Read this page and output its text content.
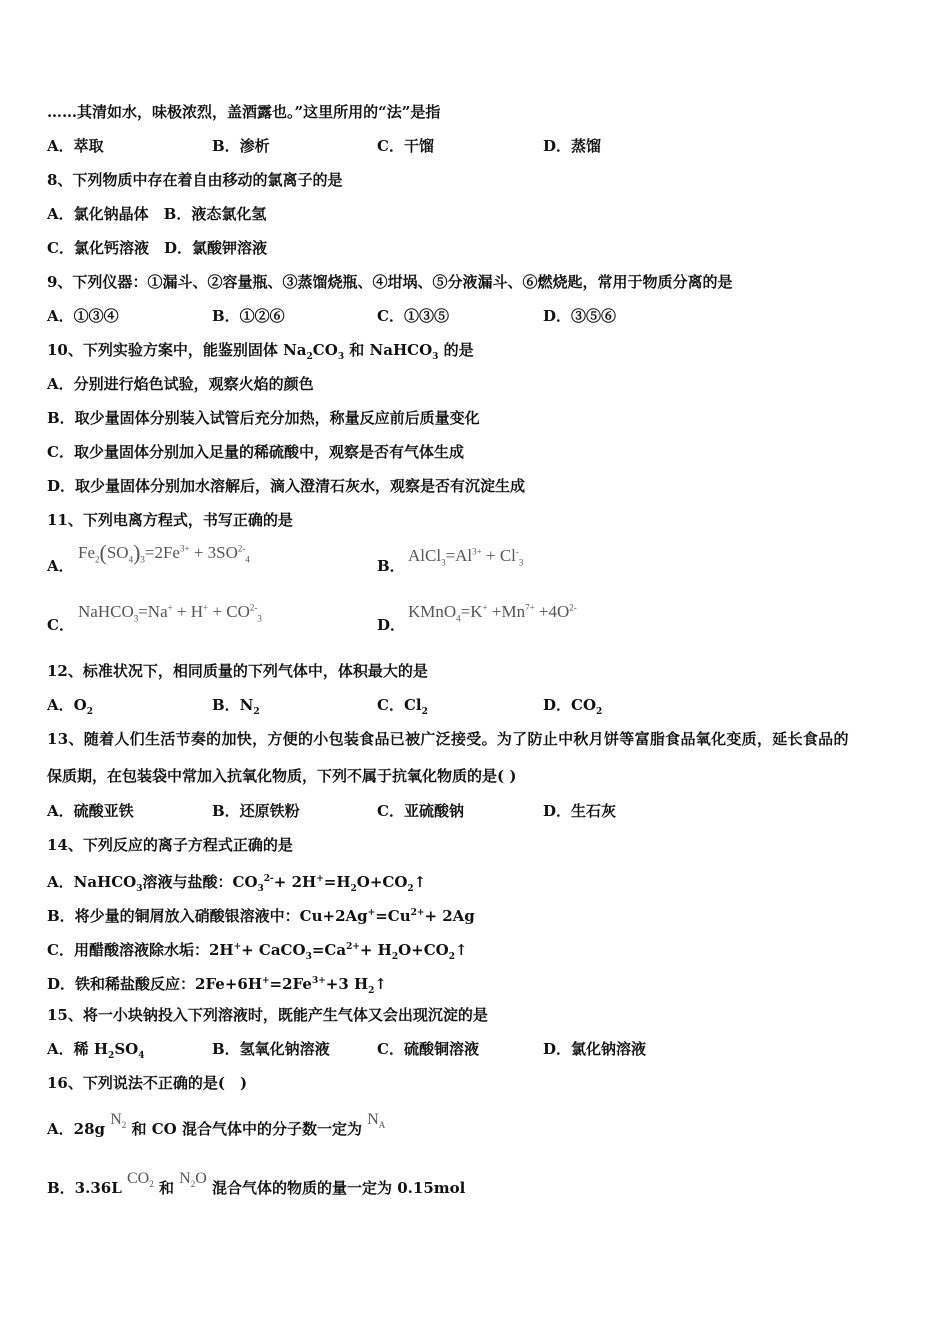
……其清如水，味极浓烈，盖酒露也。”这里所用的“法”是指
A．萃取	B．渗析	C．干馏	D．蒸馏
8、下列物质中存在着自由移动的氯离子的是
A．氯化钠晶体　B．液态氯化氢
C．氯化钙溶液　D．氯酸钾溶液
9、下列仪器：①漏斗、②容量瓶、③蒸馏烧瓶、④坩埚、⑤分液漏斗、⑥燃烧匙，常用于物质分离的是
A．①③④	B．①②⑥	C．①③⑤	D．③⑤⑥
10、下列实验方案中，能鉴别固体 $Na_2CO_3$ 和 NaHCO$_3$ 的是
A．分别进行焰色试验，观察火焰的颜色
B．取少量固体分别装入试管后充分加热，称量反应前后质量变化
C．取少量固体分别加入足量的稀硫酸中，观察是否有气体生成
D．取少量固体分别加水溶解后，滴入澄清石灰水，观察是否有沉淀生成
11、下列电离方程式，书写正确的是
A．
$Fe_2(SO_4)_3=2Fe^{3+} + 3SO^{2-}_4$	B．
$AlCl_3=Al^{3+} + Cl^-_3$
C．
NaHCO$_3$=Na+ + $H^+ + CO^{2-}_3$	D．
KMnO$_4$=K+ $+Mn^{7+} +4O^{2-}$
12、标准状况下，相同质量的下列气体中，体积最大的是
A．$O_2$	B．$N_2$	C．$Cl_2$	D．$CO_2$
13、随着人们生活节奏的加快，方便的小包装食品已被广泛接受。为了防止中秋月饼等富脂食品氧化变质，延长食品的
保质期，在包装袋中常加入抗氧化物质，下列不属于抗氧化物质的是( )
A．硫酸亚铁	B．还原铁粉	C．亚硫酸钠	D．生石灰
14、下列反应的离子方程式正确的是
A．NaHCO$_3$溶液与盐酸：$CO_3^{2-}+$ $2H^+=H_2O+CO_2↑$
B．将少量的铜屑放入硝酸银溶液中：$Cu+2Ag^+=Cu^{2+}+ 2Ag$
C．用醋酸溶液除水垢：$2H^++ CaCO_3=Ca^{2+}+$ $H_2O+CO_2↑$
D．铁和稀盐酸反应：$2Fe+6H^+=2Fe^{3+}+3$ $H_2↑$
15、将一小块钠投入下列溶液时，既能产生气体又会出现沉淀的是
A．稀 $H_2SO_4$	B．氢氧化钠溶液	C．硫酸铜溶液	D．氯化钠溶液
16、下列说法不正确的是(　)
A．28g $N_2$ 和 CO 混合气体中的分子数一定为 $N_A$
B．3.36L $CO_2$ 和 $N_2O$ 混合气体的物质的量一定为 0.15mol
